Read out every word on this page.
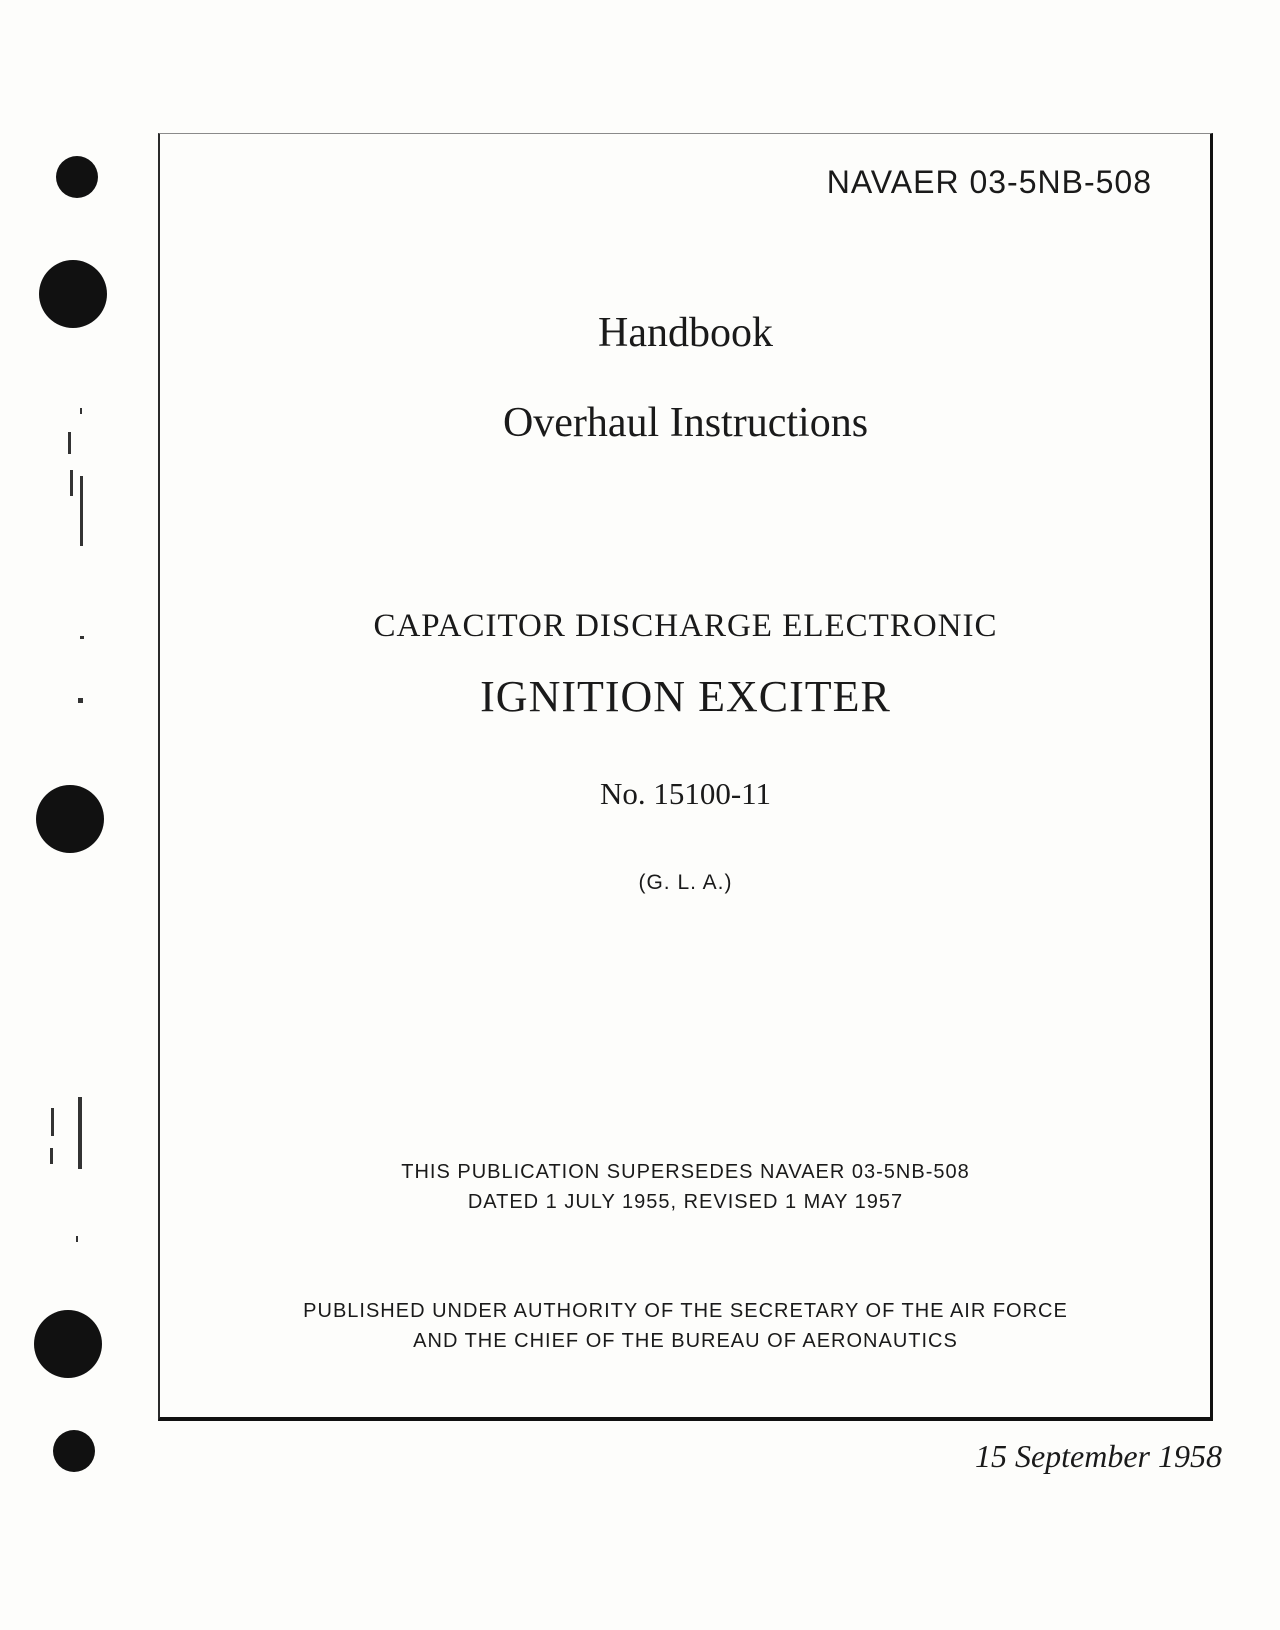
NAVAER 03-5NB-508
Handbook
Overhaul Instructions
CAPACITOR DISCHARGE ELECTRONIC
IGNITION EXCITER
No. 15100-11
(G. L. A.)
THIS PUBLICATION SUPERSEDES NAVAER 03-5NB-508
DATED 1 JULY 1955, REVISED 1 MAY 1957
PUBLISHED UNDER AUTHORITY OF THE SECRETARY OF THE AIR FORCE
AND THE CHIEF OF THE BUREAU OF AERONAUTICS
15 September 1958
